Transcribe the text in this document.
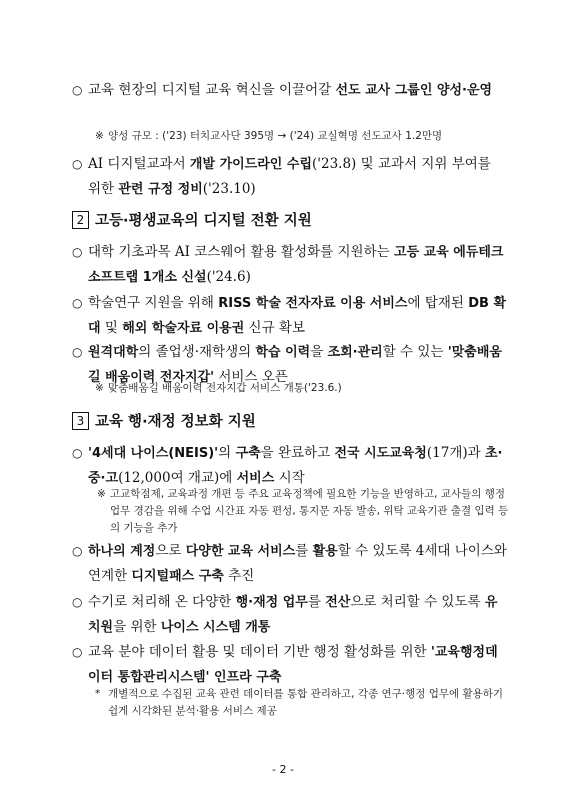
○ 교육 현장의 디지털 교육 혁신을 이끌어갈 선도 교사 그룹인 양성·운영
※ 양성 규모 : ('23) 터치교사단 395명 → ('24) 교실혁명 선도교사 1.2만명
○ AI 디지털교과서 개발 가이드라인 수립('23.8) 및 교과서 지위 부여를 위한 관련 규정 정비('23.10)
2 고등·평생교육의 디지털 전환 지원
○ 대학 기초과목 AI 코스웨어 활용 활성화를 지원하는 고등 교육 에듀테크 소프트랩 1개소 신설('24.6)
○ 학술연구 지원을 위해 RISS 학술 전자자료 이용 서비스에 탑재된 DB 확대 및 해외 학술자료 이용권 신규 확보
○ 원격대학의 졸업생·재학생의 학습 이력을 조회·관리할 수 있는 '맞춤배움길 배움이력 전자지갑' 서비스 오픈
※ 맞춤배움길 배움이력 전자지갑 서비스 개통('23.6.)
3 교육 행·재정 정보화 지원
○ '4세대 나이스(NEIS)'의 구축을 완료하고 전국 시도교육청(17개)과 초·중·고(12,000여 개교)에 서비스 시작
※ 고교학점제, 교육과정 개편 등 주요 교육정책에 필요한 기능을 반영하고, 교사들의 행정 업무 경감을 위해 수업 시간표 자동 편성, 통지문 자동 발송, 위탁 교육기관 출결 입력 등의 기능을 추가
○ 하나의 계정으로 다양한 교육 서비스를 활용할 수 있도록 4세대 나이스와 연계한 디지털패스 구축 추진
○ 수기로 처리해 온 다양한 행·재정 업무를 전산으로 처리할 수 있도록 유치원을 위한 나이스 시스템 개통
○ 교육 분야 데이터 활용 및 데이터 기반 행정 활성화를 위한 '교육행정데이터 통합관리시스템' 인프라 구축
* 개별적으로 수집된 교육 관련 데이터를 통합 관리하고, 각종 연구·행정 업무에 활용하기 쉽게 시각화된 분석·활용 서비스 제공
- 2 -
